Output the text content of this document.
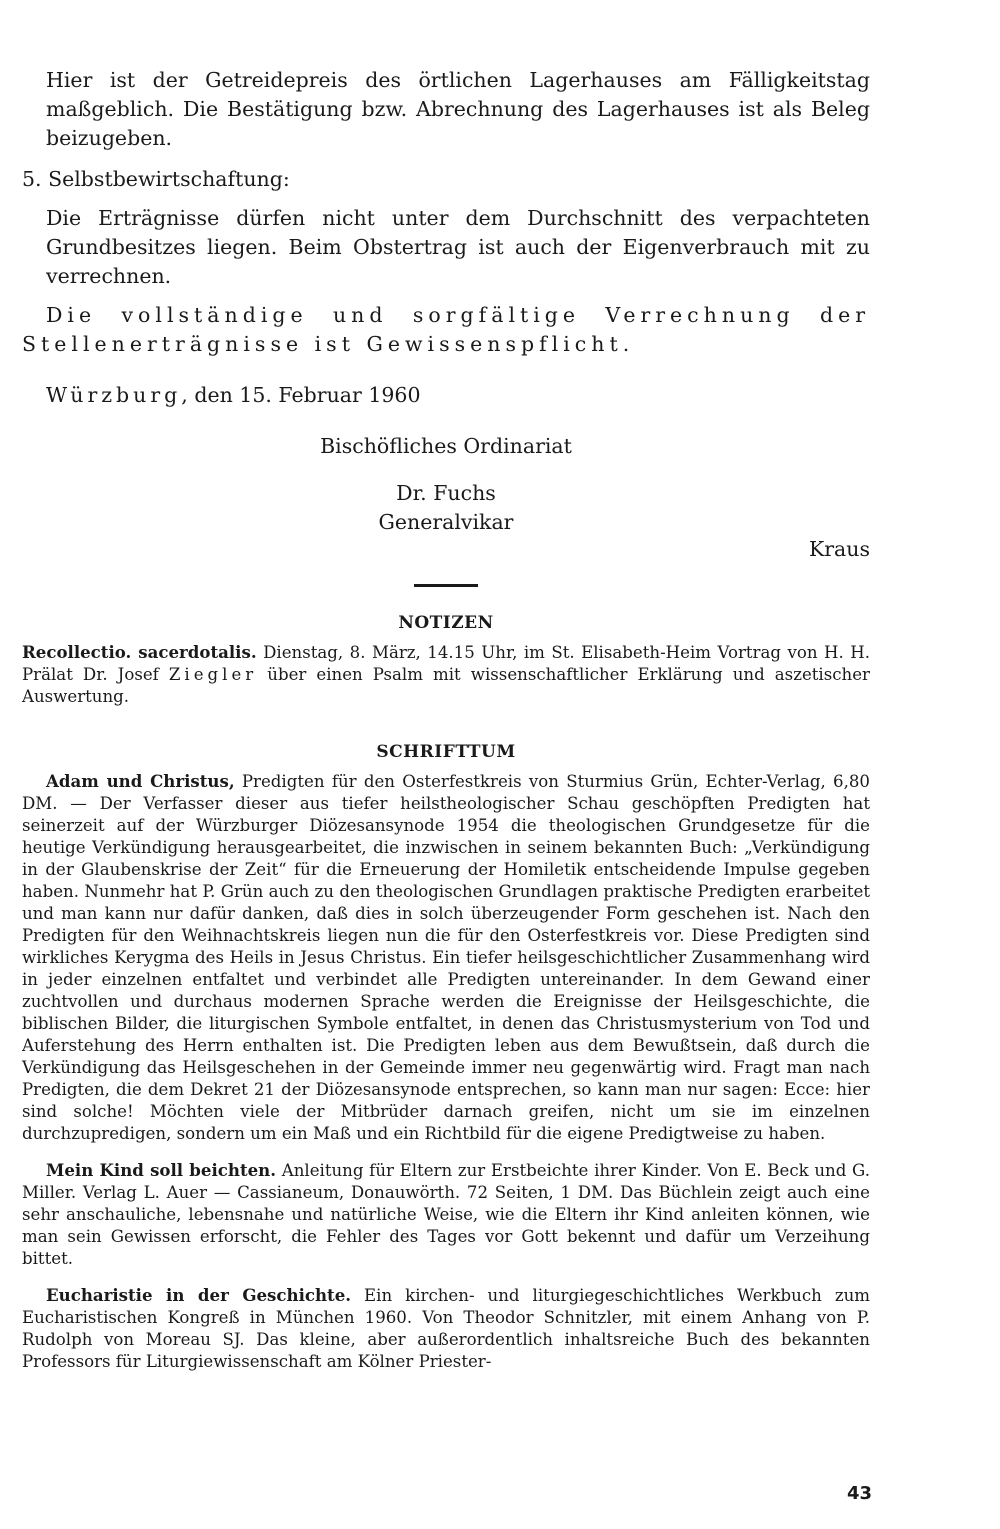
Hier ist der Getreidepreis des örtlichen Lagerhauses am Fälligkeitstag maßgeblich. Die Bestätigung bzw. Abrechnung des Lagerhauses ist als Beleg beizugeben.

5. Selbstbewirtschaftung:

Die Erträgnisse dürfen nicht unter dem Durchschnitt des verpachteten Grundbesitzes liegen. Beim Obstertrag ist auch der Eigenverbrauch mit zu verrechnen.

Die vollständige und sorgfältige Verrechnung der Stellenerträgnisse ist Gewissenspflicht.

Würzburg, den 15. Februar 1960

Bischöfliches Ordinariat
Dr. Fuchs
Generalvikar
Kraus
NOTIZEN

Recollectio. sacerdotalis. Dienstag, 8. März, 14.15 Uhr, im St. Elisabeth-Heim Vortrag von H. H. Prälat Dr. Josef Ziegler über einen Psalm mit wissenschaftlicher Erklärung und aszetischer Auswertung.

SCHRIFTTUM

Adam und Christus, Predigten für den Osterfestkreis von Sturmius Grün, Echter-Verlag, 6,80 DM. — Der Verfasser dieser aus tiefer heilstheologischer Schau geschöpften Predigten hat seinerzeit auf der Würzburger Diözesansynode 1954 die theologischen Grundgesetze für die heutige Verkündigung herausgearbeitet, die inzwischen in seinem bekannten Buch: „Verkündigung in der Glaubenskrise der Zeit“ für die Erneuerung der Homiletik entscheidende Impulse gegeben haben. Nunmehr hat P. Grün auch zu den theologischen Grundlagen praktische Predigten erarbeitet und man kann nur dafür danken, daß dies in solch überzeugender Form geschehen ist. Nach den Predigten für den Weihnachtskreis liegen nun die für den Osterfestkreis vor. Diese Predigten sind wirkliches Kerygma des Heils in Jesus Christus. Ein tiefer heilsgeschichtlicher Zusammenhang wird in jeder einzelnen entfaltet und verbindet alle Predigten untereinander. In dem Gewand einer zuchtvollen und durchaus modernen Sprache werden die Ereignisse der Heilsgeschichte, die biblischen Bilder, die liturgischen Symbole entfaltet, in denen das Christusmysterium von Tod und Auferstehung des Herrn enthalten ist. Die Predigten leben aus dem Bewußtsein, daß durch die Verkündigung das Heilsgeschehen in der Gemeinde immer neu gegenwärtig wird. Fragt man nach Predigten, die dem Dekret 21 der Diözesansynode entsprechen, so kann man nur sagen: Ecce: hier sind solche! Möchten viele der Mitbrüder darnach greifen, nicht um sie im einzelnen durchzupredigen, sondern um ein Maß und ein Richtbild für die eigene Predigtweise zu haben.

Mein Kind soll beichten. Anleitung für Eltern zur Erstbeichte ihrer Kinder. Von E. Beck und G. Miller. Verlag L. Auer — Cassianeum, Donauwörth. 72 Seiten, 1 DM. Das Büchlein zeigt auch eine sehr anschauliche, lebensnahe und natürliche Weise, wie die Eltern ihr Kind anleiten können, wie man sein Gewissen erforscht, die Fehler des Tages vor Gott bekennt und dafür um Verzeihung bittet.

Eucharistie in der Geschichte. Ein kirchen- und liturgiegeschichtliches Werkbuch zum Eucharistischen Kongreß in München 1960. Von Theodor Schnitzler, mit einem Anhang von P. Rudolph von Moreau SJ. Das kleine, aber außerordentlich inhaltsreiche Buch des bekannten Professors für Liturgiewissenschaft am Kölner Priester-

43
